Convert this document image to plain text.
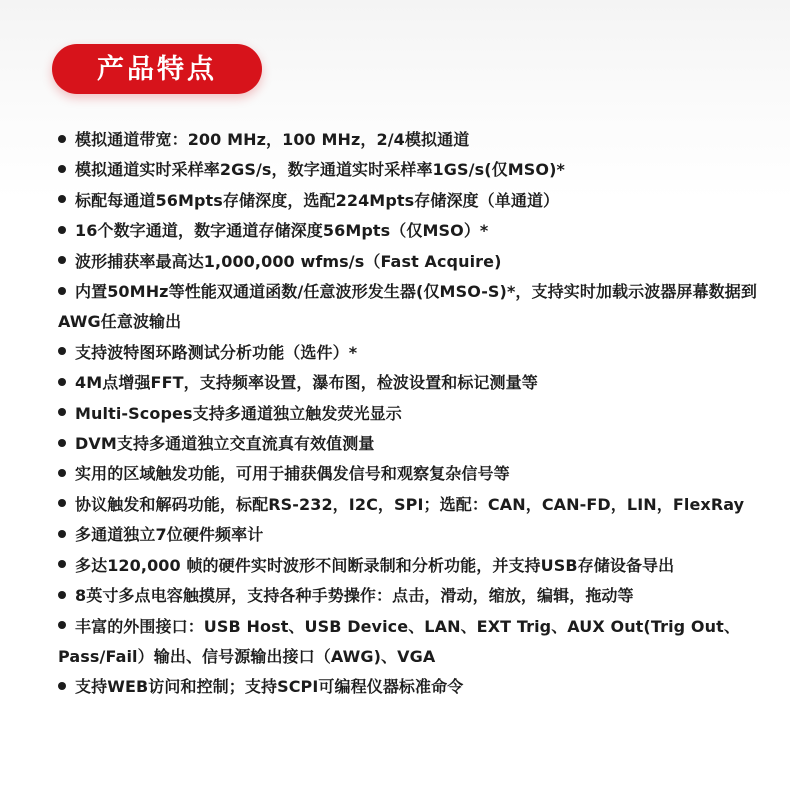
产品特点
模拟通道带宽：200 MHz，100 MHz，2/4模拟通道
模拟通道实时采样率2GS/s，数字通道实时采样率1GS/s(仅MSO)*
标配每通道56Mpts存储深度，选配224Mpts存储深度（单通道）
16个数字通道，数字通道存储深度56Mpts（仅MSO）*
波形捕获率最高达1,000,000 wfms/s（Fast Acquire)
内置50MHz等性能双通道函数/任意波形发生器(仅MSO-S)*，支持实时加载示波器屏幕数据到AWG任意波输出
支持波特图环路测试分析功能（选件）*
4M点增强FFT，支持频率设置，瀑布图，检波设置和标记测量等
Multi-Scopes支持多通道独立触发荧光显示
DVM支持多通道独立交直流真有效值测量
实用的区域触发功能，可用于捕获偶发信号和观察复杂信号等
协议触发和解码功能，标配RS-232，I2C，SPI；选配：CAN，CAN-FD，LIN，FlexRay
多通道独立7位硬件频率计
多达120,000 帧的硬件实时波形不间断录制和分析功能，并支持USB存储设备导出
8英寸多点电容触摸屏，支持各种手势操作：点击，滑动，缩放，编辑，拖动等
丰富的外围接口：USB Host、USB Device、LAN、EXT Trig、AUX Out(Trig Out、Pass/Fail）输出、信号源输出接口（AWG)、VGA
支持WEB访问和控制；支持SCPI可编程仪器标准命令
